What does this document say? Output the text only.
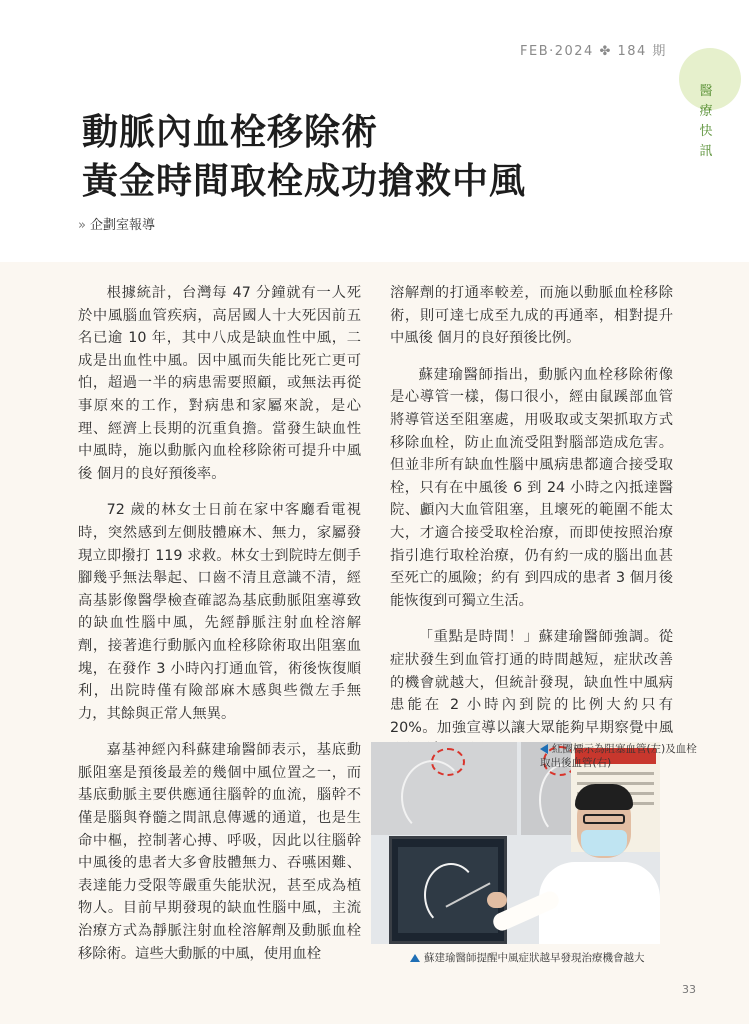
FEB‧2024 ✤ 184 期
醫
療
快
訊
動脈內血栓移除術
黃金時間取栓成功搶救中風
» 企劃室報導

根據統計，台灣每 47 分鐘就有一人死於中風腦血管疾病，高居國人十大死因前五名已逾 10 年，其中八成是缺血性中風，二成是出血性中風。因中風而失能比死亡更可怕，超過一半的病患需要照顧，或無法再從事原來的工作，對病患和家屬來說，是心理、經濟上長期的沉重負擔。當發生缺血性中風時，施以動脈內血栓移除術可提升中風後 個月的良好預後率。

72 歲的林女士日前在家中客廳看電視時，突然感到左側肢體麻木、無力，家屬發現立即撥打 119 求救。林女士到院時左側手腳幾乎無法舉起、口齒不清且意識不清，經高基影像醫學檢查確認為基底動脈阻塞導致的缺血性腦中風，先經靜脈注射血栓溶解劑，接著進行動脈內血栓移除術取出阻塞血塊，在發作 3 小時內打通血管，術後恢復順利，出院時僅有險部麻木感與些微左手無力，其餘與正常人無異。

嘉基神經內科蘇建瑜醫師表示，基底動脈阻塞是預後最差的幾個中風位置之一，而基底動脈主要供應通往腦幹的血流，腦幹不僅是腦與脊髓之間訊息傳遞的通道，也是生命中樞，控制著心搏、呼吸，因此以往腦幹中風後的患者大多會肢體無力、吞嚥困難、表達能力受限等嚴重失能狀況，甚至成為植物人。目前早期發現的缺血性腦中風，主流治療方式為靜脈注射血栓溶解劑及動脈血栓移除術。這些大動脈的中風，使用血栓

溶解劑的打通率較差，而施以動脈血栓移除術，則可達七成至九成的再通率，相對提升中風後 個月的良好預後比例。

蘇建瑜醫師指出，動脈內血栓移除術像是心導管一樣，傷口很小，經由鼠蹊部血管將導管送至阻塞處，用吸取或支架抓取方式移除血栓，防止血流受阻對腦部造成危害。但並非所有缺血性腦中風病患都適合接受取栓，只有在中風後 6 到 24 小時之內抵達醫院、顱內大血管阻塞，且壞死的範圍不能太大，才適合接受取栓治療，而即使按照治療指引進行取栓治療，仍有約一成的腦出血甚至死亡的風險；約有 到四成的患者 3 個月後能恢復到可獨立生活。

「重點是時間！」蘇建瑜醫師強調。從症狀發生到血管打通的時間越短，症狀改善的機會就越大，但統計發現，缺血性中風病患能在 2 小時內到院的比例大約只有 20%。加強宣導以讓大眾能夠早期察覺中風

紅圈標示為阻塞血管(左)及血栓取出後血管(右)
蘇建瑜醫師提醒中風症狀越早發現治療機會越大
33
